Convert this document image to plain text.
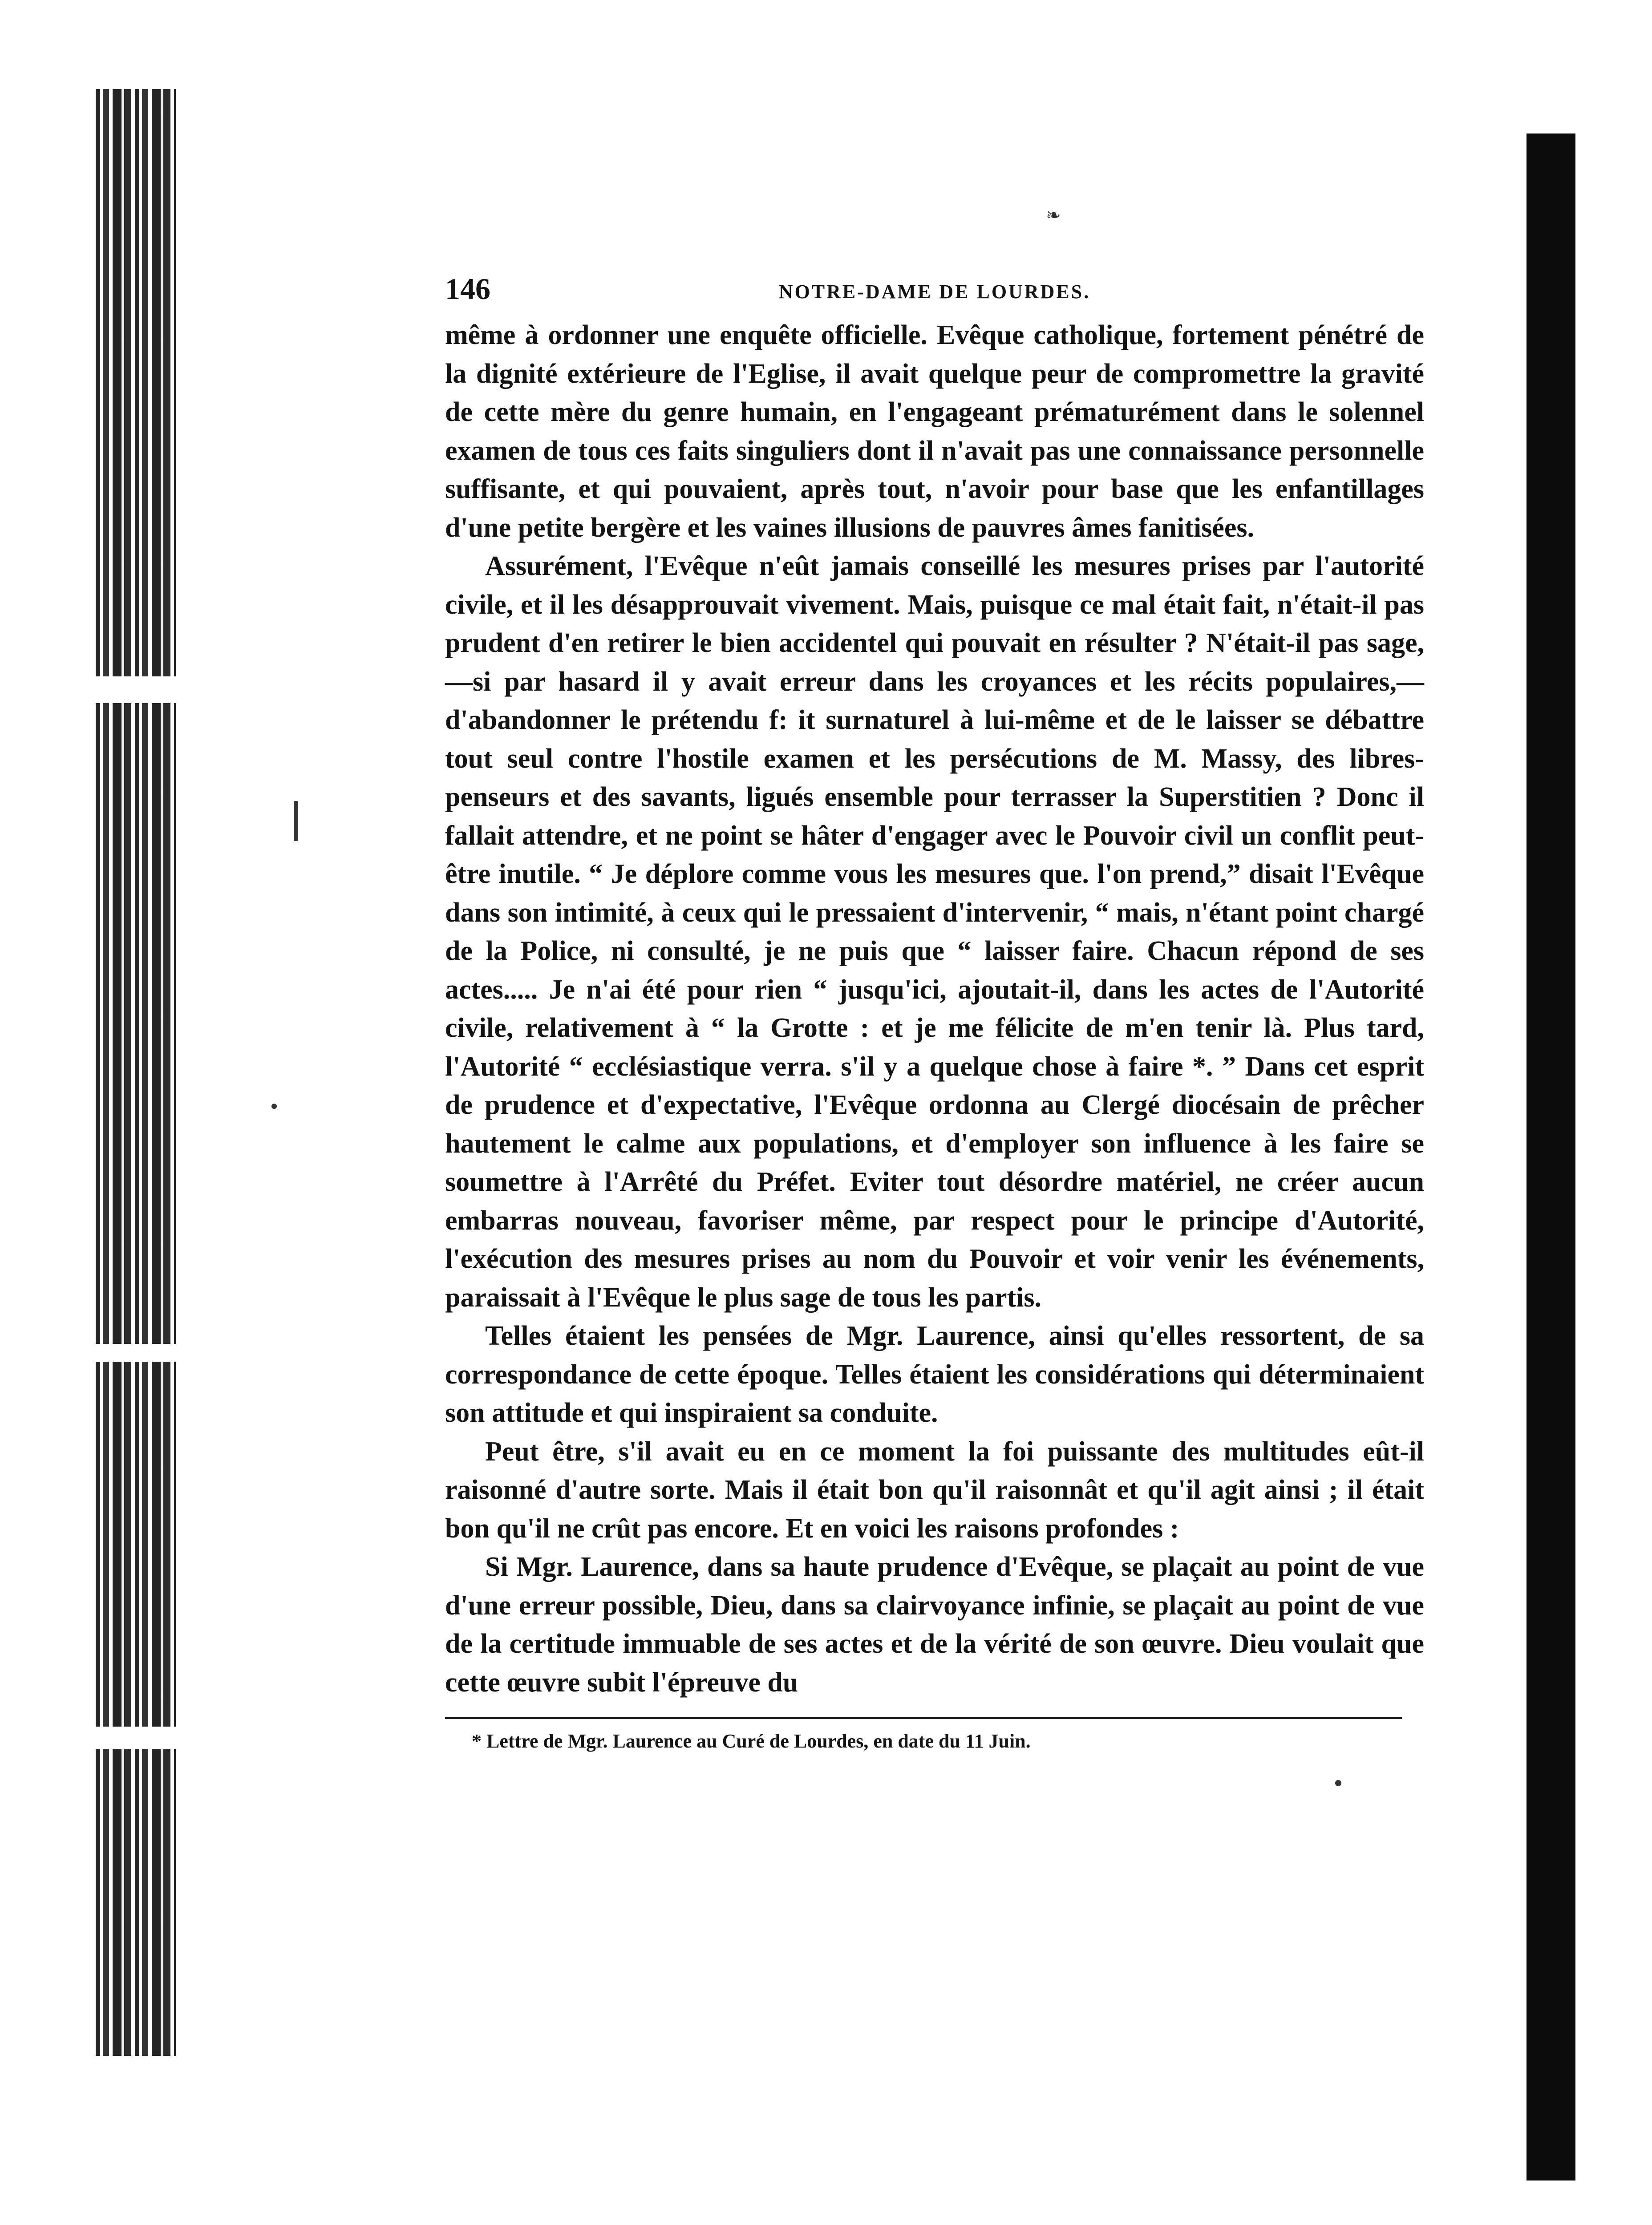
❧
146	NOTRE-DAME DE LOURDES.

même à ordonner une enquête officielle. Evêque catholique, fortement pénétré de la dignité extérieure de l'Eglise, il avait quelque peur de compromettre la gravité de cette mère du genre humain, en l'engageant prématurément dans le solennel examen de tous ces faits singuliers dont il n'avait pas une connaissance personnelle suffisante, et qui pouvaient, après tout, n'avoir pour base que les enfantillages d'une petite bergère et les vaines illusions de pauvres âmes fanitisées.

Assurément, l'Evêque n'eût jamais conseillé les mesures prises par l'autorité civile, et il les désapprouvait vivement. Mais, puisque ce mal était fait, n'était-il pas prudent d'en retirer le bien accidentel qui pouvait en résulter ? N'était-il pas sage,—si par hasard il y avait erreur dans les croyances et les récits populaires,—d'abandonner le prétendu f: it surnaturel à lui-même et de le laisser se débattre tout seul contre l'hostile examen et les persécutions de M. Massy, des libres-penseurs et des savants, ligués ensemble pour terrasser la Superstitien ? Donc il fallait attendre, et ne point se hâter d'engager avec le Pouvoir civil un conflit peut-être inutile. “ Je déplore comme vous les mesures que. l'on prend,” disait l'Evêque dans son intimité, à ceux qui le pressaient d'intervenir, “ mais, n'étant point chargé de la Police, ni consulté, je ne puis que “ laisser faire. Chacun répond de ses actes..... Je n'ai été pour rien “ jusqu'ici, ajoutait-il, dans les actes de l'Autorité civile, relativement à “ la Grotte : et je me félicite de m'en tenir là. Plus tard, l'Autorité “ ecclésiastique verra. s'il y a quelque chose à faire *. ” Dans cet esprit de prudence et d'expectative, l'Evêque ordonna au Clergé diocésain de prêcher hautement le calme aux populations, et d'employer son influence à les faire se soumettre à l'Arrêté du Préfet. Eviter tout désordre matériel, ne créer aucun embarras nouveau, favoriser même, par respect pour le principe d'Autorité, l'exécution des mesures prises au nom du Pouvoir et voir venir les événements, paraissait à l'Evêque le plus sage de tous les partis.

Telles étaient les pensées de Mgr. Laurence, ainsi qu'elles ressortent, de sa correspondance de cette époque. Telles étaient les considérations qui déterminaient son attitude et qui inspiraient sa conduite.

Peut être, s'il avait eu en ce moment la foi puissante des multitudes eût-il raisonné d'autre sorte. Mais il était bon qu'il raisonnât et qu'il agit ainsi ; il était bon qu'il ne crût pas encore. Et en voici les raisons profondes :

Si Mgr. Laurence, dans sa haute prudence d'Evêque, se plaçait au point de vue d'une erreur possible, Dieu, dans sa clairvoyance infinie, se plaçait au point de vue de la certitude immuable de ses actes et de la vérité de son œuvre. Dieu voulait que cette œuvre subit l'épreuve du

* Lettre de Mgr. Laurence au Curé de Lourdes, en date du 11 Juin.
